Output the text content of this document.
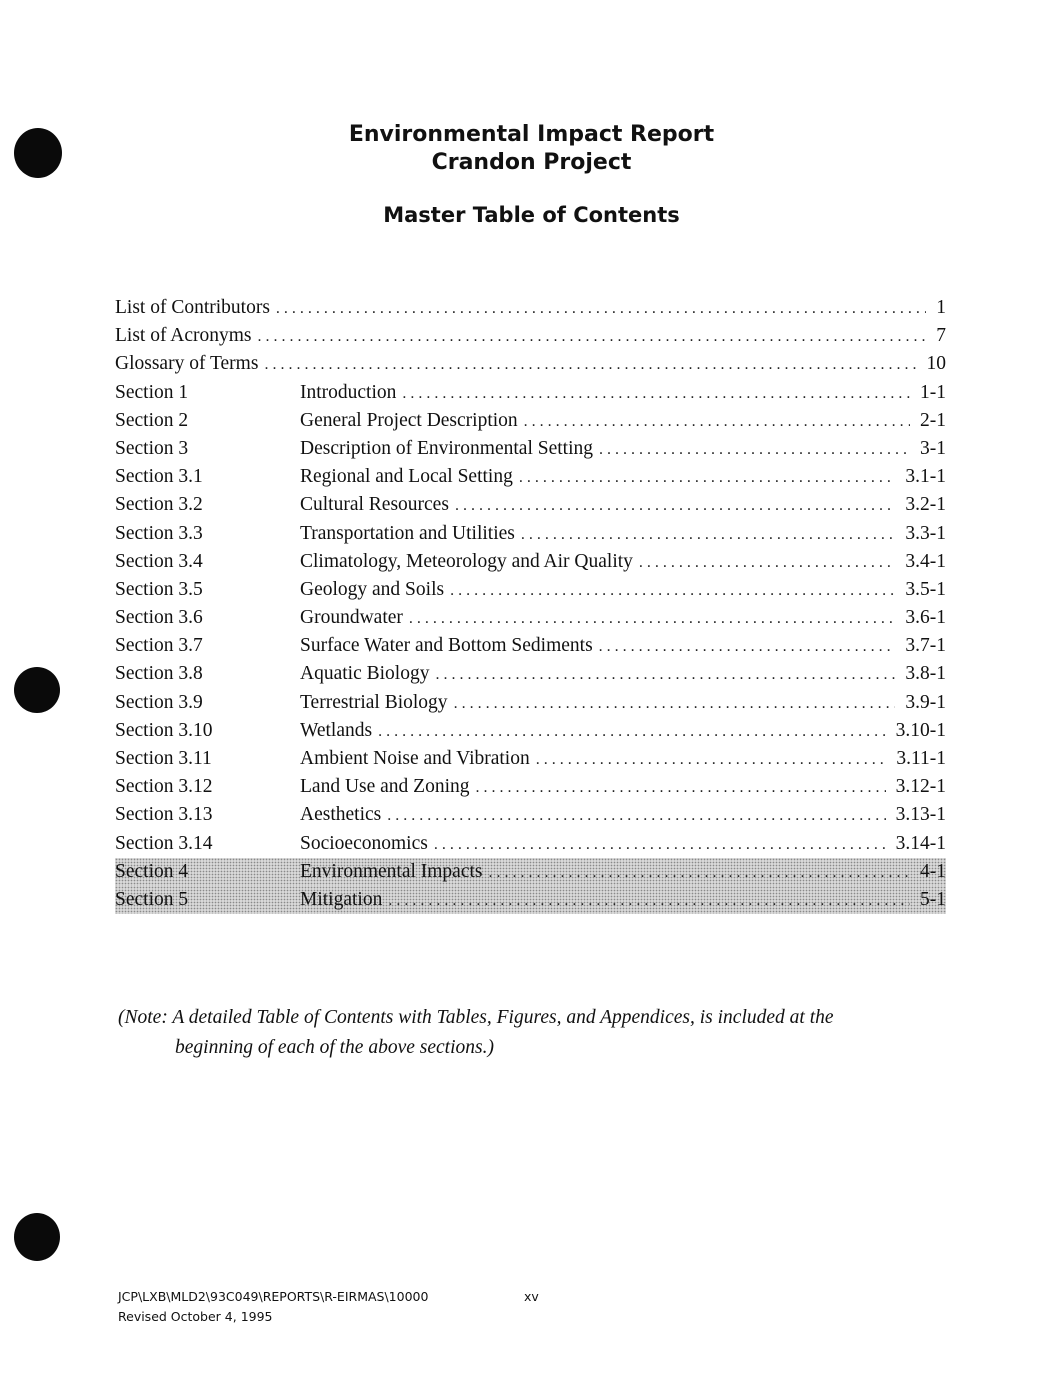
Environmental Impact Report
Crandon Project
Master Table of Contents
List of Contributors . . .	1
List of Acronyms . . .	7
Glossary of Terms . . .	10
Section 1	Introduction . . .	1-1
Section 2	General Project Description . . .	2-1
Section 3	Description of Environmental Setting . . .	3-1
Section 3.1	Regional and Local Setting . . .	3.1-1
Section 3.2	Cultural Resources . . .	3.2-1
Section 3.3	Transportation and Utilities . . .	3.3-1
Section 3.4	Climatology, Meteorology and Air Quality . . .	3.4-1
Section 3.5	Geology and Soils . . .	3.5-1
Section 3.6	Groundwater . . .	3.6-1
Section 3.7	Surface Water and Bottom Sediments . . .	3.7-1
Section 3.8	Aquatic Biology . . .	3.8-1
Section 3.9	Terrestrial Biology . . .	3.9-1
Section 3.10	Wetlands . . .	3.10-1
Section 3.11	Ambient Noise and Vibration . . .	3.11-1
Section 3.12	Land Use and Zoning . . .	3.12-1
Section 3.13	Aesthetics . . .	3.13-1
Section 3.14	Socioeconomics . . .	3.14-1
Section 4	Environmental Impacts . . .	4-1
Section 5	Mitigation . . .	5-1
(Note: A detailed Table of Contents with Tables, Figures, and Appendices, is included at the
beginning of each of the above sections.)
JCP\LXB\MLD2\93C049\REPORTS\R-EIRMAS\10000
Revised October 4, 1995
xv
